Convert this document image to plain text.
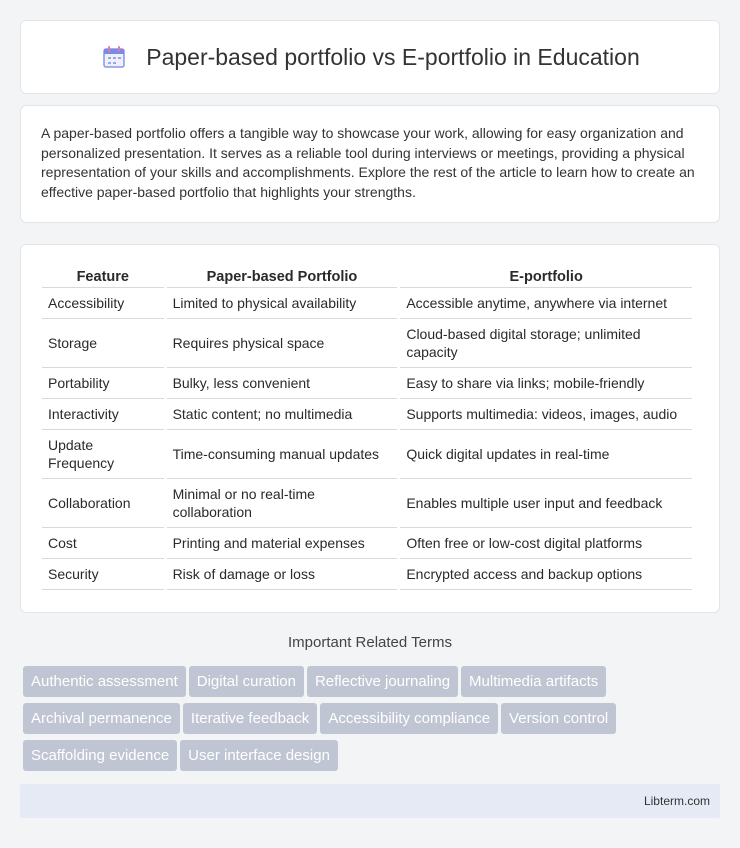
Paper-based portfolio vs E-portfolio in Education

A paper-based portfolio offers a tangible way to showcase your work, allowing for easy organization and personalized presentation. It serves as a reliable tool during interviews or meetings, providing a physical representation of your skills and accomplishments. Explore the rest of the article to learn how to create an effective paper-based portfolio that highlights your strengths.

Feature	Paper-based Portfolio	E-portfolio
Accessibility	Limited to physical availability	Accessible anytime, anywhere via internet
Storage	Requires physical space	Cloud-based digital storage; unlimited capacity
Portability	Bulky, less convenient	Easy to share via links; mobile-friendly
Interactivity	Static content; no multimedia	Supports multimedia: videos, images, audio
Update Frequency	Time-consuming manual updates	Quick digital updates in real-time
Collaboration	Minimal or no real-time collaboration	Enables multiple user input and feedback
Cost	Printing and material expenses	Often free or low-cost digital platforms
Security	Risk of damage or loss	Encrypted access and backup options
Important Related Terms
Authentic assessment Digital curation Reflective journaling Multimedia artifacts
Archival permanence Iterative feedback Accessibility compliance Version control
Scaffolding evidence User interface design
Libterm.com
